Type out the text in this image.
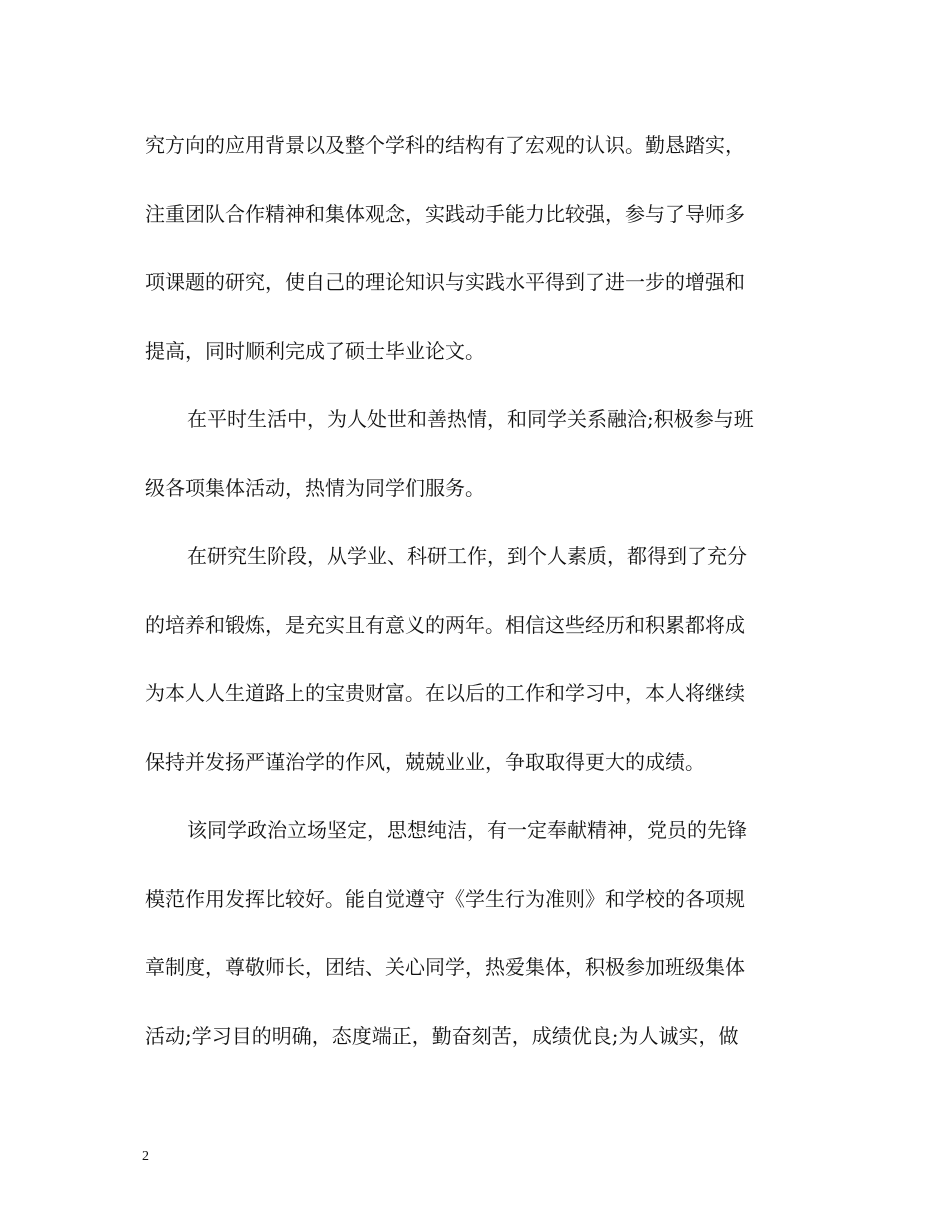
究方向的应用背景以及整个学科的结构有了宏观的认识。勤恳踏实，
注重团队合作精神和集体观念，实践动手能力比较强，参与了导师多
项课题的研究，使自己的理论知识与实践水平得到了进一步的增强和
提高，同时顺利完成了硕士毕业论文。
在平时生活中，为人处世和善热情，和同学关系融洽;积极参与班
级各项集体活动，热情为同学们服务。
在研究生阶段，从学业、科研工作，到个人素质，都得到了充分
的培养和锻炼，是充实且有意义的两年。相信这些经历和积累都将成
为本人人生道路上的宝贵财富。在以后的工作和学习中，本人将继续
保持并发扬严谨治学的作风，兢兢业业，争取取得更大的成绩。
该同学政治立场坚定，思想纯洁，有一定奉献精神，党员的先锋
模范作用发挥比较好。能自觉遵守《学生行为准则》和学校的各项规
章制度，尊敬师长，团结、关心同学，热爱集体，积极参加班级集体
活动;学习目的明确，态度端正，勤奋刻苦，成绩优良;为人诚实，做
2
